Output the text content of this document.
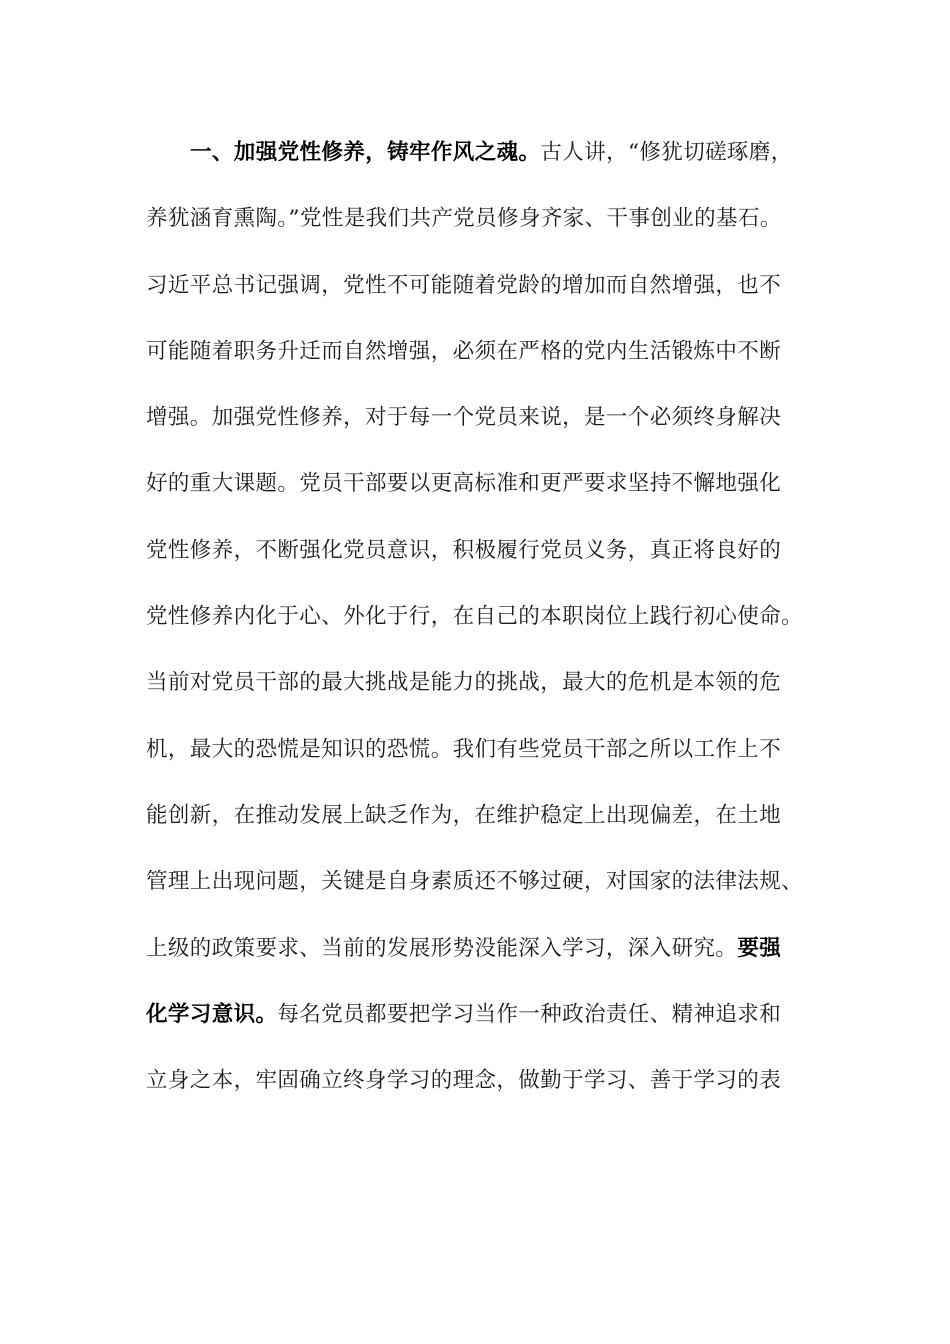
一、加强党性修养，铸牢作风之魂。古人讲，“修犹切磋琢磨，
养犹涵育熏陶。”党性是我们共产党员修身齐家、干事创业的基石。
习近平总书记强调，党性不可能随着党龄的增加而自然增强，也不
可能随着职务升迁而自然增强，必须在严格的党内生活锻炼中不断
增强。加强党性修养，对于每一个党员来说，是一个必须终身解决
好的重大课题。党员干部要以更高标准和更严要求坚持不懈地强化
党性修养，不断强化党员意识，积极履行党员义务，真正将良好的
党性修养内化于心、外化于行，在自己的本职岗位上践行初心使命。
当前对党员干部的最大挑战是能力的挑战，最大的危机是本领的危
机，最大的恐慌是知识的恐慌。我们有些党员干部之所以工作上不
能创新，在推动发展上缺乏作为，在维护稳定上出现偏差，在土地
管理上出现问题，关键是自身素质还不够过硬，对国家的法律法规、
上级的政策要求、当前的发展形势没能深入学习，深入研究。要强
化学习意识。每名党员都要把学习当作一种政治责任、精神追求和
立身之本，牢固确立终身学习的理念，做勤于学习、善于学习的表
